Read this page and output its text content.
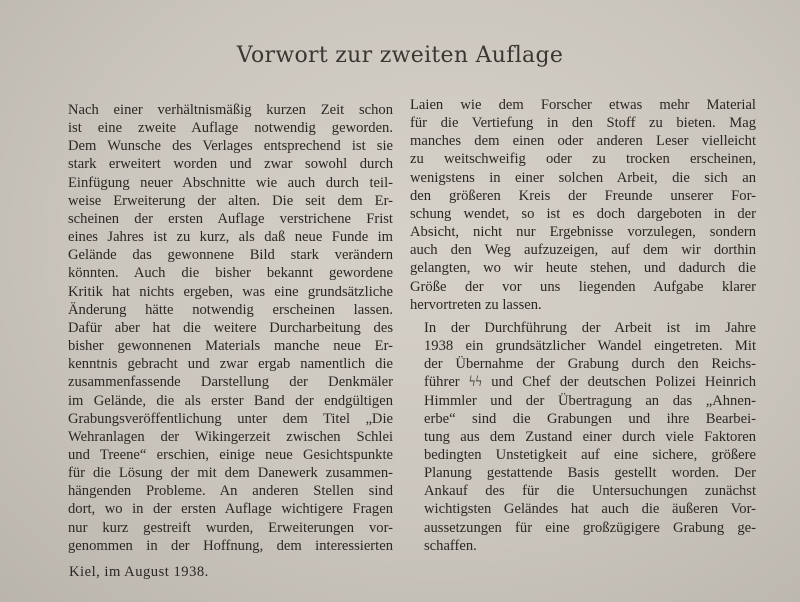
Vorwort zur zweiten Auflage

Nach einer verhältnismäßig kurzen Zeit schon
ist eine zweite Auflage notwendig geworden.
Dem Wunsche des Verlages entsprechend ist sie
stark erweitert worden und zwar sowohl durch
Einfügung neuer Abschnitte wie auch durch teil-
weise Erweiterung der alten. Die seit dem Er-
scheinen der ersten Auflage verstrichene Frist
eines Jahres ist zu kurz, als daß neue Funde im
Gelände das gewonnene Bild stark verändern
könnten. Auch die bisher bekannt gewordene
Kritik hat nichts ergeben, was eine grundsätzliche
Änderung hätte notwendig erscheinen lassen.
Dafür aber hat die weitere Durcharbeitung des
bisher gewonnenen Materials manche neue Er-
kenntnis gebracht und zwar ergab namentlich die
zusammenfassende Darstellung der Denkmäler
im Gelände, die als erster Band der endgültigen
Grabungsveröffentlichung unter dem Titel „Die
Wehranlagen der Wikingerzeit zwischen Schlei
und Treene“ erschien, einige neue Gesichtspunkte
für die Lösung der mit dem Danewerk zusammen-
hängenden Probleme. An anderen Stellen sind
dort, wo in der ersten Auflage wichtigere Fragen
nur kurz gestreift wurden, Erweiterungen vor-
genommen in der Hoffnung, dem interessierten

Laien wie dem Forscher etwas mehr Material
für die Vertiefung in den Stoff zu bieten. Mag
manches dem einen oder anderen Leser vielleicht
zu weitschweifig oder zu trocken erscheinen,
wenigstens in einer solchen Arbeit, die sich an
den größeren Kreis der Freunde unserer For-
schung wendet, so ist es doch dargeboten in der
Absicht, nicht nur Ergebnisse vorzulegen, sondern
auch den Weg aufzuzeigen, auf dem wir dorthin
gelangten, wo wir heute stehen, und dadurch die
Größe der vor uns liegenden Aufgabe klarer
hervortreten zu lassen.

In der Durchführung der Arbeit ist im Jahre
1938 ein grundsätzlicher Wandel eingetreten. Mit
der Übernahme der Grabung durch den Reichs-
führer ϟϟ und Chef der deutschen Polizei Heinrich
Himmler und der Übertragung an das „Ahnen-
erbe“ sind die Grabungen und ihre Bearbei-
tung aus dem Zustand einer durch viele Faktoren
bedingten Unstetigkeit auf eine sichere, größere
Planung gestattende Basis gestellt worden. Der
Ankauf des für die Untersuchungen zunächst
wichtigsten Geländes hat auch die äußeren Vor-
aussetzungen für eine großzügigere Grabung ge-
schaffen.

Kiel, im August 1938.
